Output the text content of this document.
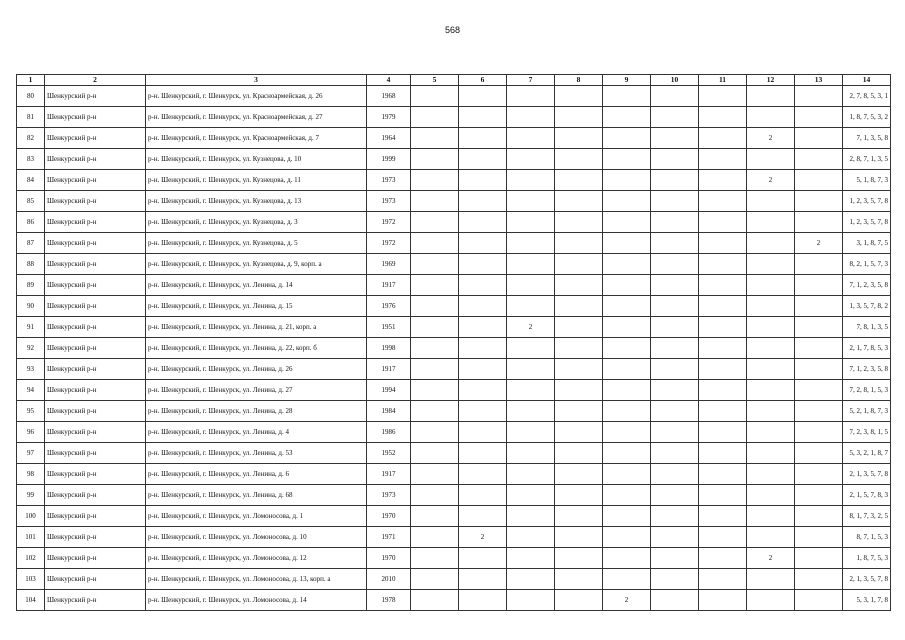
568
1	2	3	4	5	6	7	8	9	10	11	12	13	14
80	Шенкурский р-н	р-н. Шенкурский, г. Шенкурск, ул. Красноармейская, д. 26	1968										2, 7, 8, 5, 3, 1
81	Шенкурский р-н	р-н. Шенкурский, г. Шенкурск, ул. Красноармейская, д. 27	1979										1, 8, 7, 5, 3, 2
82	Шенкурский р-н	р-н. Шенкурский, г. Шенкурск, ул. Красноармейская, д. 7	1964								2		7, 1, 3, 5, 8
83	Шенкурский р-н	р-н. Шенкурский, г. Шенкурск, ул. Кузнецова, д. 10	1999										2, 8, 7, 1, 3, 5
84	Шенкурский р-н	р-н. Шенкурский, г. Шенкурск, ул. Кузнецова, д. 11	1973								2		5, 1, 8, 7, 3
85	Шенкурский р-н	р-н. Шенкурский, г. Шенкурск, ул. Кузнецова, д. 13	1973										1, 2, 3, 5, 7, 8
86	Шенкурский р-н	р-н. Шенкурский, г. Шенкурск, ул. Кузнецова, д. 3	1972										1, 2, 3, 5, 7, 8
87	Шенкурский р-н	р-н. Шенкурский, г. Шенкурск, ул. Кузнецова, д. 5	1972									2	3, 1, 8, 7, 5
88	Шенкурский р-н	р-н. Шенкурский, г. Шенкурск, ул. Кузнецова, д. 9, корп. а	1969										8, 2, 1, 5, 7, 3
89	Шенкурский р-н	р-н. Шенкурский, г. Шенкурск, ул. Ленина, д. 14	1917										7, 1, 2, 3, 5, 8
90	Шенкурский р-н	р-н. Шенкурский, г. Шенкурск, ул. Ленина, д. 15	1976										1, 3, 5, 7, 8, 2
91	Шенкурский р-н	р-н. Шенкурский, г. Шенкурск, ул. Ленина, д. 21, корп. а	1951			2							7, 8, 1, 3, 5
92	Шенкурский р-н	р-н. Шенкурский, г. Шенкурск, ул. Ленина, д. 22, корп. б	1998										2, 1, 7, 8, 5, 3
93	Шенкурский р-н	р-н. Шенкурский, г. Шенкурск, ул. Ленина, д. 26	1917										7, 1, 2, 3, 5, 8
94	Шенкурский р-н	р-н. Шенкурский, г. Шенкурск, ул. Ленина, д. 27	1994										7, 2, 8, 1, 5, 3
95	Шенкурский р-н	р-н. Шенкурский, г. Шенкурск, ул. Ленина, д. 28	1984										5, 2, 1, 8, 7, 3
96	Шенкурский р-н	р-н. Шенкурский, г. Шенкурск, ул. Ленина, д. 4	1986										7, 2, 3, 8, 1, 5
97	Шенкурский р-н	р-н. Шенкурский, г. Шенкурск, ул. Ленина, д. 53	1952										5, 3, 2, 1, 8, 7
98	Шенкурский р-н	р-н. Шенкурский, г. Шенкурск, ул. Ленина, д. 6	1917										2, 1, 3, 5, 7, 8
99	Шенкурский р-н	р-н. Шенкурский, г. Шенкурск, ул. Ленина, д. 68	1973										2, 1, 5, 7, 8, 3
100	Шенкурский р-н	р-н. Шенкурский, г. Шенкурск, ул. Ломоносова, д. 1	1970										8, 1, 7, 3, 2, 5
101	Шенкурский р-н	р-н. Шенкурский, г. Шенкурск, ул. Ломоносова, д. 10	1971		2								8, 7, 1, 5, 3
102	Шенкурский р-н	р-н. Шенкурский, г. Шенкурск, ул. Ломоносова, д. 12	1970								2		1, 8, 7, 5, 3
103	Шенкурский р-н	р-н. Шенкурский, г. Шенкурск, ул. Ломоносова, д. 13, корп. а	2010										2, 1, 3, 5, 7, 8
104	Шенкурский р-н	р-н. Шенкурский, г. Шенкурск, ул. Ломоносова, д. 14	1978					2					5, 3, 1, 7, 8
